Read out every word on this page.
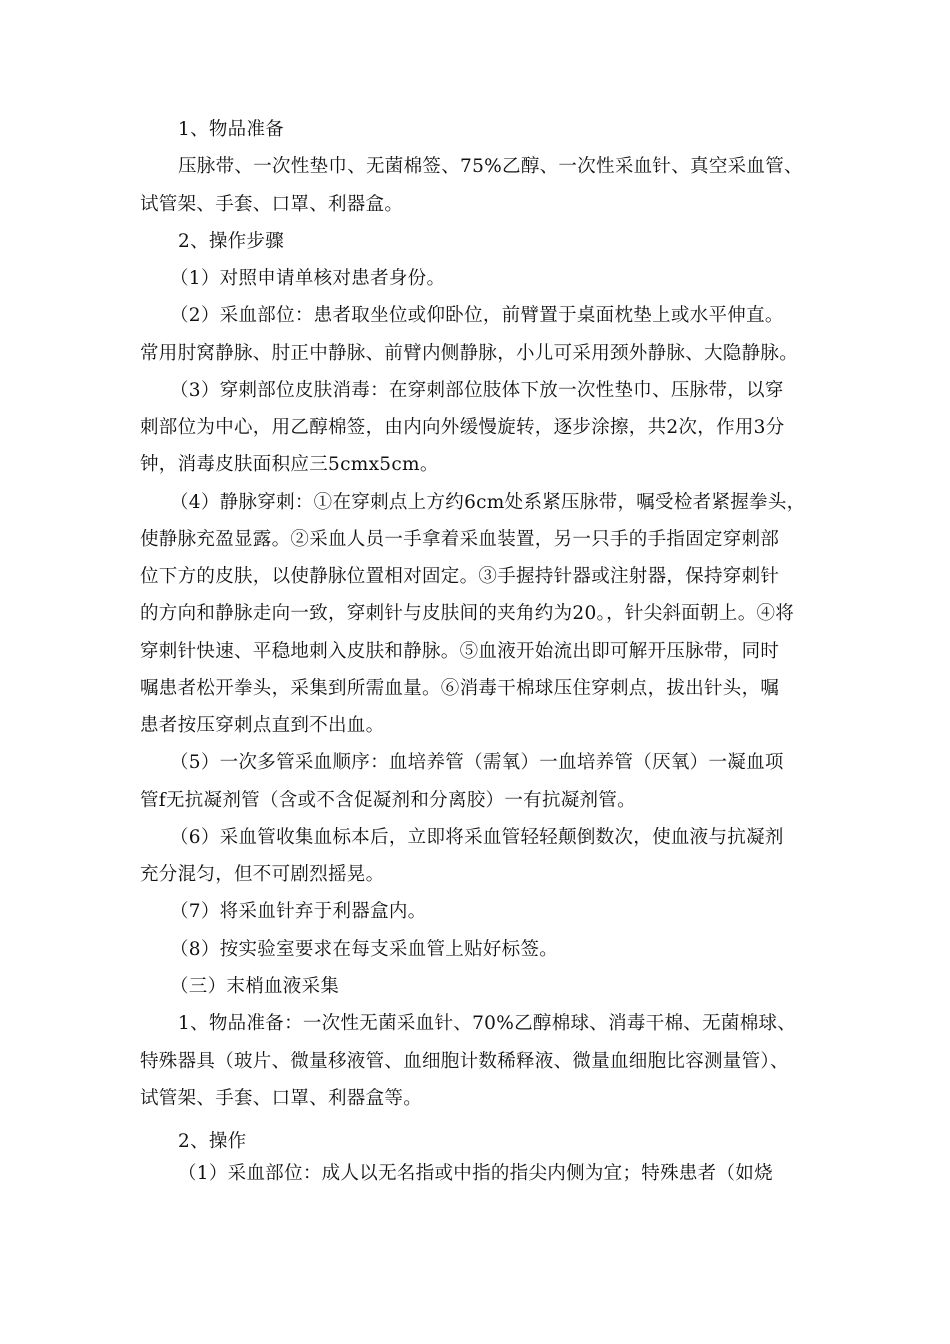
1、物品准备
压脉带、一次性垫巾、无菌棉签、75%乙醇、一次性采血针、真空采血管、
试管架、手套、口罩、利器盒。
2、操作步骤
（1）对照申请单核对患者身份。
（2）采血部位：患者取坐位或仰卧位，前臂置于桌面枕垫上或水平伸直。
常用肘窝静脉、肘正中静脉、前臂内侧静脉，小儿可采用颈外静脉、大隐静脉。
（3）穿刺部位皮肤消毒：在穿刺部位肢体下放一次性垫巾、压脉带，以穿
刺部位为中心，用乙醇棉签，由内向外缓慢旋转，逐步涂擦，共2次，作用3分
钟，消毒皮肤面积应三5cmx5cm。
（4）静脉穿刺：①在穿刺点上方约6cm处系紧压脉带，嘱受检者紧握拳头，
使静脉充盈显露。②采血人员一手拿着采血装置，另一只手的手指固定穿刺部
位下方的皮肤，以使静脉位置相对固定。③手握持针器或注射器，保持穿刺针
的方向和静脉走向一致，穿刺针与皮肤间的夹角约为20。，针尖斜面朝上。④将
穿刺针快速、平稳地刺入皮肤和静脉。⑤血液开始流出即可解开压脉带，同时
嘱患者松开拳头，采集到所需血量。⑥消毒干棉球压住穿刺点，拔出针头，嘱
患者按压穿刺点直到不出血。
（5）一次多管采血顺序：血培养管（需氧）一血培养管（厌氧）一凝血项
管f无抗凝剂管（含或不含促凝剂和分离胶）一有抗凝剂管。
（6）采血管收集血标本后，立即将采血管轻轻颠倒数次，使血液与抗凝剂
充分混匀，但不可剧烈摇晃。
（7）将采血针弃于利器盒内。
（8）按实验室要求在每支采血管上贴好标签。
（三）末梢血液采集
1、物品准备：一次性无菌采血针、70%乙醇棉球、消毒干棉、无菌棉球、
特殊器具（玻片、微量移液管、血细胞计数稀释液、微量血细胞比容测量管）、
试管架、手套、口罩、利器盒等。
2、操作
（1）采血部位：成人以无名指或中指的指尖内侧为宜；特殊患者（如烧
